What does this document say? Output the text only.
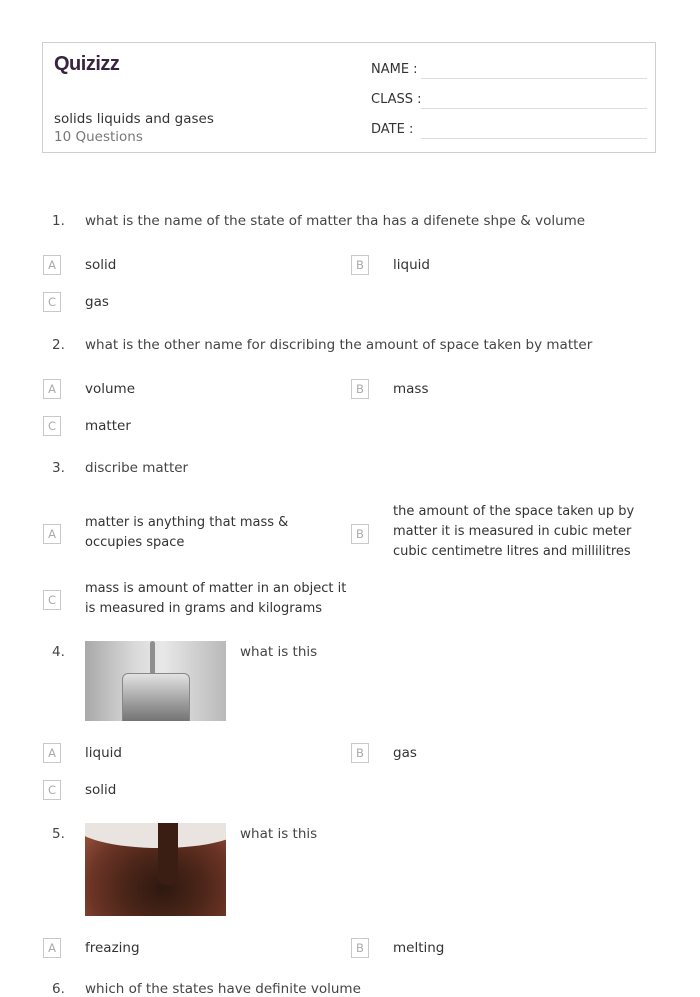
Quizizz
solids liquids and gases
10 Questions
NAME :
CLASS :
DATE :
1. what is the name of the state of matter tha has a difenete shpe & volume
A	solid	B	liquid
C	gas
2. what is the other name for discribing the amount of space taken by matter
A	volume	B	mass
C	matter
3. discribe matter
A
matter is anything that mass & occupies space
B
the amount of the space taken up by matter it is measured in cubic meter cubic centimetre litres and millilitres
C
mass is amount of matter in an object it is measured in grams and kilograms
4.	what is this
A	liquid	B	gas
C	solid
5.	what is this
A	freazing	B	melting
6. which of the states have definite volume
